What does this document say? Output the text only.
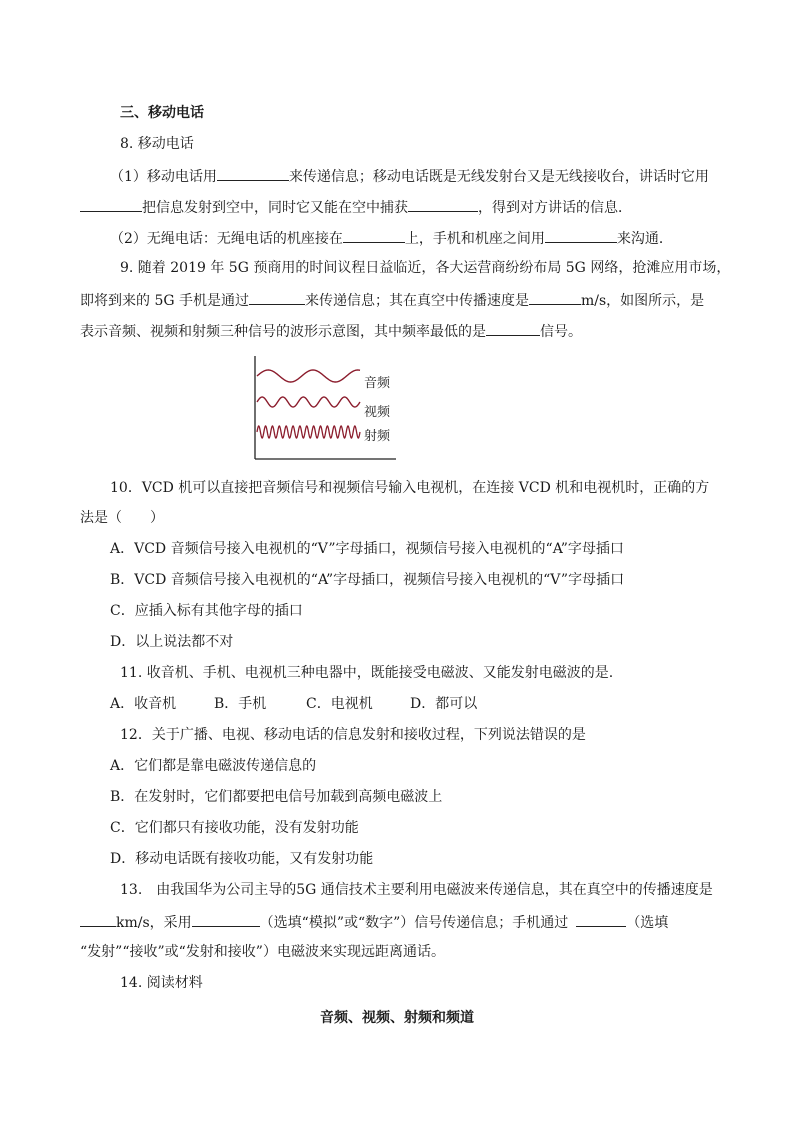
三、移动电话
8. 移动电话
（1）移动电话用	来传递信息；移动电话既是无线发射台又是无线接收台，讲话时它用
把信息发射到空中，同时它又能在空中捕获	，得到对方讲话的信息．
（2）无绳电话：无绳电话的机座接在	上，手机和机座之间用	来沟通．
9. 随着 2019 年 5G 预商用的时间议程日益临近，各大运营商纷纷布局 5G 网络，抢滩应用市场，
即将到来的 5G 手机是通过	来传递信息；其在真空中传播速度是	m/s，如图所示，是
表示音频、视频和射频三种信号的波形示意图，其中频率最低的是	信号。
音频
视频
射频
10．VCD 机可以直接把音频信号和视频信号输入电视机，在连接 VCD 机和电视机时，正确的方
法是（　　）
A．VCD 音频信号接入电视机的“V”字母插口，视频信号接入电视机的“A”字母插口
B．VCD 音频信号接入电视机的“A”字母插口，视频信号接入电视机的“V”字母插口
C．应插入标有其他字母的插口
D．以上说法都不对
11. 收音机、手机、电视机三种电器中，既能接受电磁波、又能发射电磁波的是.
A．收音机	B．手机	C．电视机	D．都可以
12．关于广播、电视、移动电话的信息发射和接收过程，下列说法错误的是
A．它们都是靠电磁波传递信息的
B．在发射时，它们都要把电信号加载到高频电磁波上
C．它们都只有接收功能，没有发射功能
D．移动电话既有接收功能，又有发射功能
13.　由我国华为公司主导的5G 通信技术主要利用电磁波来传递信息，其在真空中的传播速度是
km/s，采用	（选填“模拟”或“数字”）信号传递信息；手机通过	（选填
“发射”“接收”或“发射和接收”）电磁波来实现远距离通话。
14. 阅读材料
音频、视频、射频和频道
